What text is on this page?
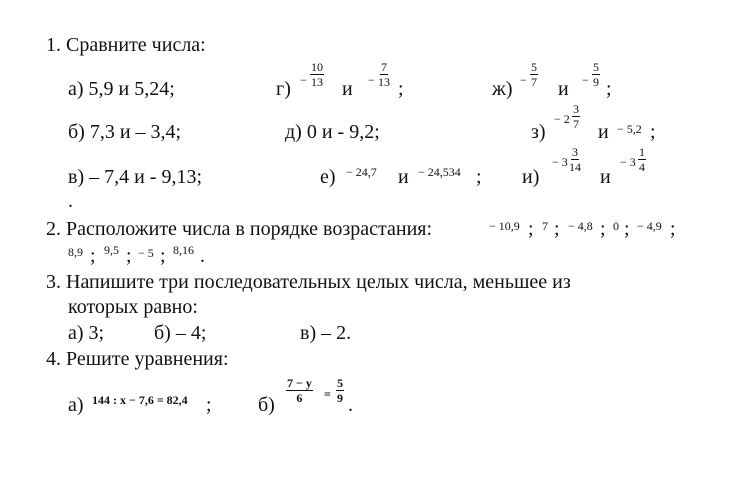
1. Сравните числа:
а) 5,9 и 5,24;	$г) - \frac{10}{13}$
$и - \frac{7}{13}$
;	$ж) - \frac{5}{7}$
$и - \frac{5}{9}$
;
б) 7,3 и – 3,4;	д) 0 и - 9,2;	з)
− $2 \frac{3}{7}$
и − 5,2 ;
в) – 7,4 и - 9,13;	е) − 24,7 и − 24,534 ; и)
− $3 \frac{3}{14}$
и
− $3 \frac{1}{4}$
.
2. Расположите числа в порядке возрастания:	− 10,9 ; 7 ; − 4,8 ; 0 ; − 4,9 ;
8,9 ; 9,5 ; − 5 ; 8,16 .
3. Напишите три последовательных целых числа, меньшее из
которых равно:
а) 3; б) – 4;	в) – 2.
4. Решите уравнения:
а) 144 : x − 7,6 = 82,4 ; б)
$\frac{7 - y}{6} = \frac{5}{9}$
.
